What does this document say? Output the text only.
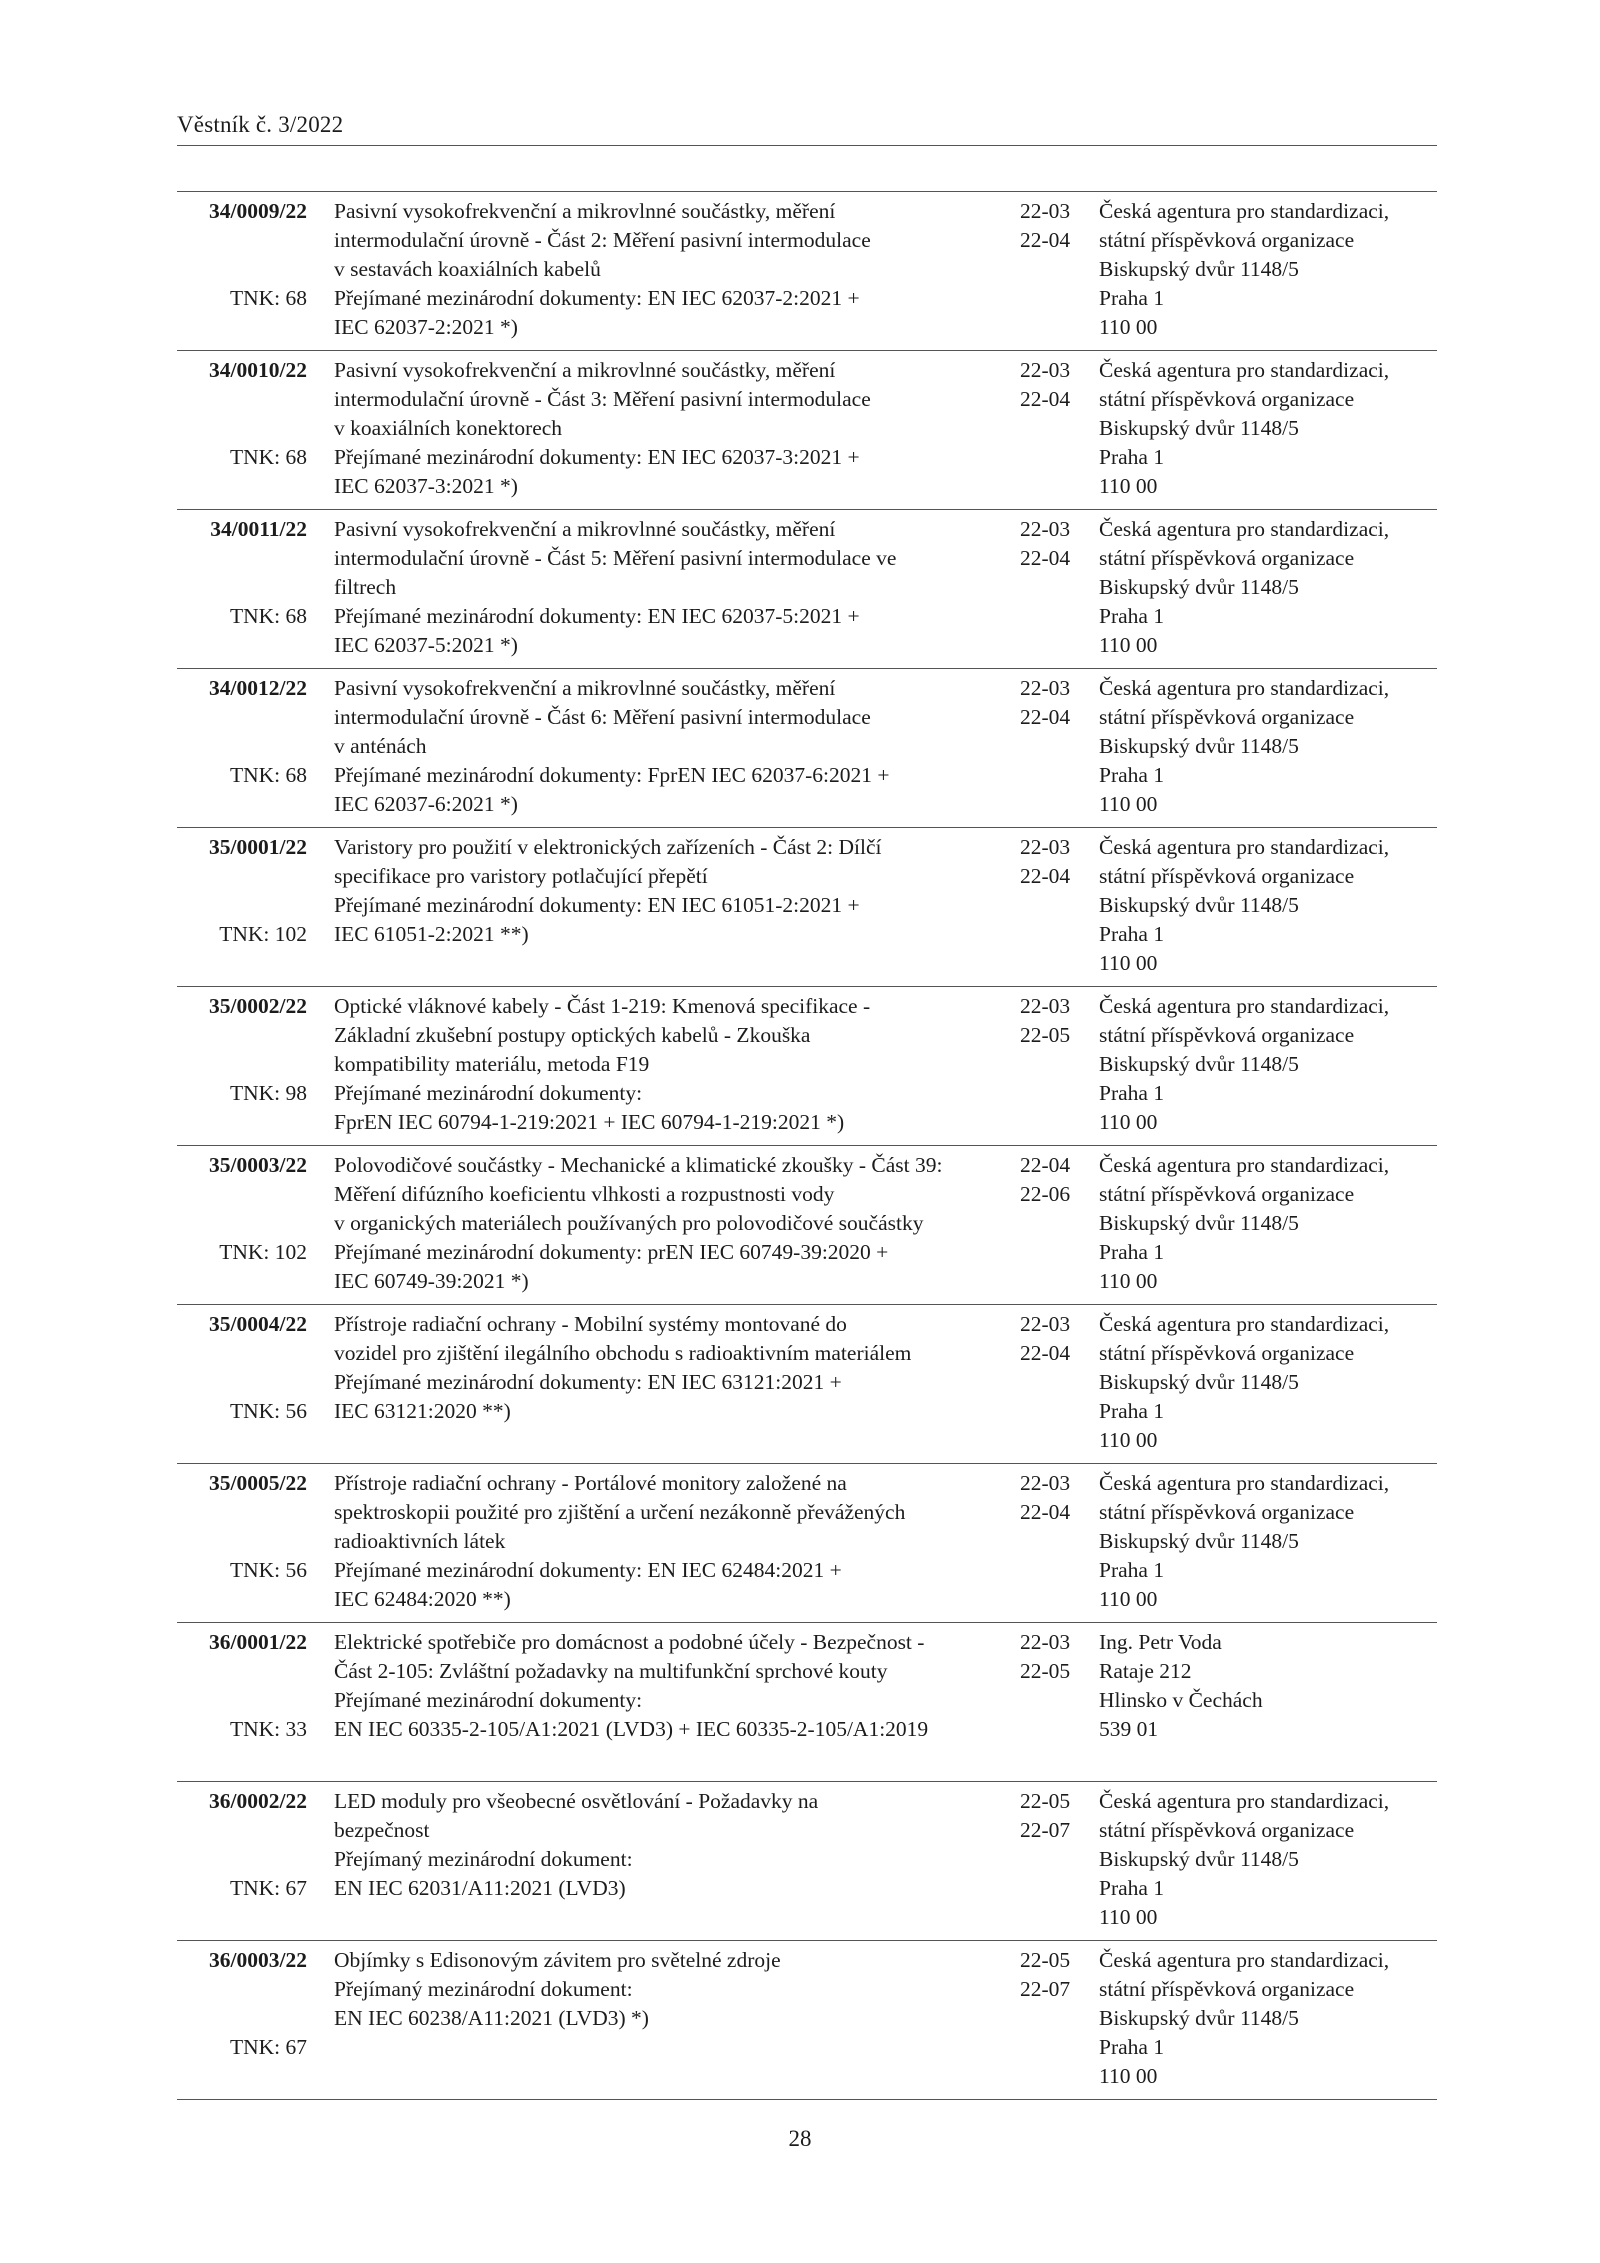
Věstník č. 3/2022
34/0009/22
TNK: 68
Pasivní vysokofrekvenční a mikrovlnné součástky, měření
intermodulační úrovně - Část 2: Měření pasivní intermodulace
v sestavách koaxiálních kabelů
Přejímané mezinárodní dokumenty: EN IEC 62037-2:2021 +
IEC 62037-2:2021 *)
22-03
22-04
Česká agentura pro standardizaci,
státní příspěvková organizace
Biskupský dvůr 1148/5
Praha 1
110 00
34/0010/22
TNK: 68
Pasivní vysokofrekvenční a mikrovlnné součástky, měření
intermodulační úrovně - Část 3: Měření pasivní intermodulace
v koaxiálních konektorech
Přejímané mezinárodní dokumenty: EN IEC 62037-3:2021 +
IEC 62037-3:2021 *)
22-03
22-04
Česká agentura pro standardizaci,
státní příspěvková organizace
Biskupský dvůr 1148/5
Praha 1
110 00
34/0011/22
TNK: 68
Pasivní vysokofrekvenční a mikrovlnné součástky, měření
intermodulační úrovně - Část 5: Měření pasivní intermodulace ve
filtrech
Přejímané mezinárodní dokumenty: EN IEC 62037-5:2021 +
IEC 62037-5:2021 *)
22-03
22-04
Česká agentura pro standardizaci,
státní příspěvková organizace
Biskupský dvůr 1148/5
Praha 1
110 00
34/0012/22
TNK: 68
Pasivní vysokofrekvenční a mikrovlnné součástky, měření
intermodulační úrovně - Část 6: Měření pasivní intermodulace
v anténách
Přejímané mezinárodní dokumenty: FprEN IEC 62037-6:2021 +
IEC 62037-6:2021 *)
22-03
22-04
Česká agentura pro standardizaci,
státní příspěvková organizace
Biskupský dvůr 1148/5
Praha 1
110 00
35/0001/22
TNK: 102
Varistory pro použití v elektronických zařízeních - Část 2: Dílčí
specifikace pro varistory potlačující přepětí
Přejímané mezinárodní dokumenty: EN IEC 61051-2:2021 +
IEC 61051-2:2021 **)
22-03
22-04
Česká agentura pro standardizaci,
státní příspěvková organizace
Biskupský dvůr 1148/5
Praha 1
110 00
35/0002/22
TNK: 98
Optické vláknové kabely - Část 1-219: Kmenová specifikace -
Základní zkušební postupy optických kabelů - Zkouška
kompatibility materiálu, metoda F19
Přejímané mezinárodní dokumenty:
FprEN IEC 60794-1-219:2021 + IEC 60794-1-219:2021 *)
22-03
22-05
Česká agentura pro standardizaci,
státní příspěvková organizace
Biskupský dvůr 1148/5
Praha 1
110 00
35/0003/22
TNK: 102
Polovodičové součástky - Mechanické a klimatické zkoušky - Část 39:
Měření difúzního koeficientu vlhkosti a rozpustnosti vody
v organických materiálech používaných pro polovodičové součástky
Přejímané mezinárodní dokumenty: prEN IEC 60749-39:2020 +
IEC 60749-39:2021 *)
22-04
22-06
Česká agentura pro standardizaci,
státní příspěvková organizace
Biskupský dvůr 1148/5
Praha 1
110 00
35/0004/22
TNK: 56
Přístroje radiační ochrany - Mobilní systémy montované do
vozidel pro zjištění ilegálního obchodu s radioaktivním materiálem
Přejímané mezinárodní dokumenty: EN IEC 63121:2021 +
IEC 63121:2020 **)
22-03
22-04
Česká agentura pro standardizaci,
státní příspěvková organizace
Biskupský dvůr 1148/5
Praha 1
110 00
35/0005/22
TNK: 56
Přístroje radiační ochrany - Portálové monitory založené na
spektroskopii použité pro zjištění a určení nezákonně převážených
radioaktivních látek
Přejímané mezinárodní dokumenty: EN IEC 62484:2021 +
IEC 62484:2020 **)
22-03
22-04
Česká agentura pro standardizaci,
státní příspěvková organizace
Biskupský dvůr 1148/5
Praha 1
110 00
36/0001/22
TNK: 33
Elektrické spotřebiče pro domácnost a podobné účely - Bezpečnost -
Část 2-105: Zvláštní požadavky na multifunkční sprchové kouty
Přejímané mezinárodní dokumenty:
EN IEC 60335-2-105/A1:2021 (LVD3) + IEC 60335-2-105/A1:2019
22-03
22-05
Ing. Petr Voda
Rataje 212
Hlinsko v Čechách
539 01
36/0002/22
TNK: 67
LED moduly pro všeobecné osvětlování - Požadavky na
bezpečnost
Přejímaný mezinárodní dokument:
EN IEC 62031/A11:2021 (LVD3)
22-05
22-07
Česká agentura pro standardizaci,
státní příspěvková organizace
Biskupský dvůr 1148/5
Praha 1
110 00
36/0003/22
TNK: 67
Objímky s Edisonovým závitem pro světelné zdroje
Přejímaný mezinárodní dokument:
EN IEC 60238/A11:2021 (LVD3) *)
22-05
22-07
Česká agentura pro standardizaci,
státní příspěvková organizace
Biskupský dvůr 1148/5
Praha 1
110 00
28
